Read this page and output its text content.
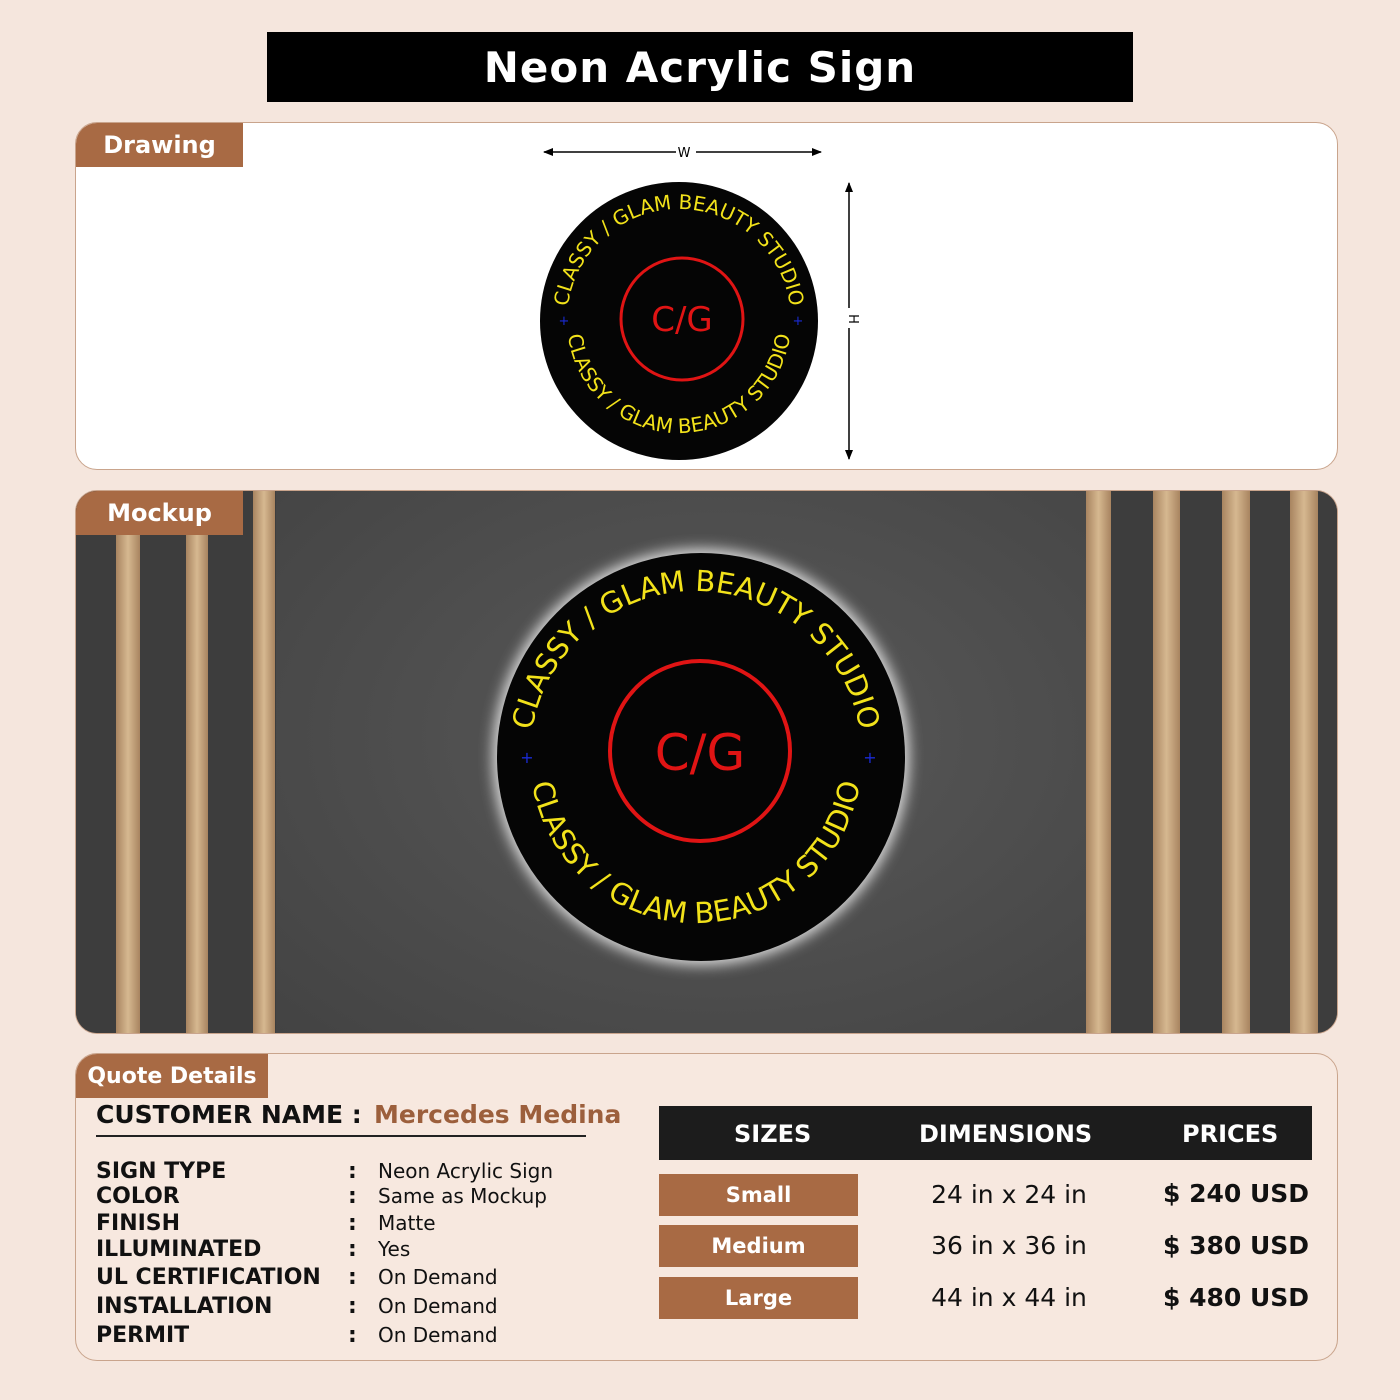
Neon Acrylic Sign
Drawing	W
H
C/G
CLASSY / GLAM BEAUTY STUDIO
CLASSY / GLAM BEAUTY STUDIO
+	+
Mockup
C/G
CLASSY / GLAM BEAUTY STUDIO
CLASSY / GLAM BEAUTY STUDIO
+	+
Quote Details
CUSTOMER NAME : Mercedes Medina
SIGN TYPE	: Neon Acrylic Sign
COLOR	: Same as Mockup
FINISH	: Matte
ILLUMINATED	: Yes
UL CERTIFICATION : On Demand
INSTALLATION	: On Demand
PERMIT	: On Demand
SIZES	DIMENSIONS	PRICES
Small	24 in x 24 in	$ 240 USD
Medium	36 in x 36 in	$ 380 USD
Large	44 in x 44 in	$ 480 USD
